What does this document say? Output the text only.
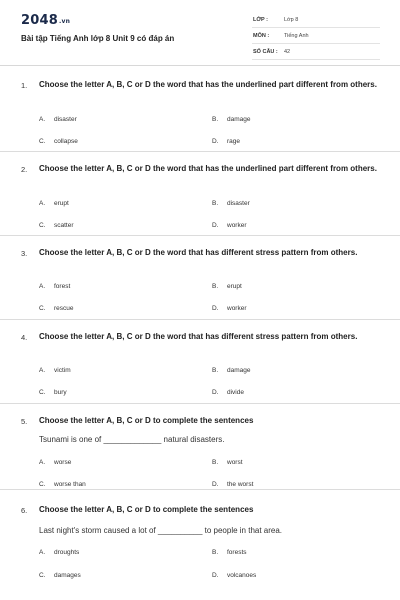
2048.vn
Bài tập Tiếng Anh lớp 8 Unit 9 có đáp án
LỚP :	Lớp 8
MÔN :	Tiếng Anh
SỐ CÂU : 42
1. Choose the letter A, B, C or D the word that has the underlined part different from others.
A. disaster	B. damage
C. collapse	D. rage
2. Choose the letter A, B, C or D the word that has the underlined part different from others.
A. erupt	B. disaster
C. scatter	D. worker
3. Choose the letter A, B, C or D the word that has different stress pattern from others.
A. forest	B. erupt
C. rescue	D. worker
4. Choose the letter A, B, C or D the word that has different stress pattern from others.
A. victim	B. damage
C. bury	D. divide
5. Choose the letter A, B, C or D to complete the sentences
Tsunami is one of _____________ natural disasters.
A. worse	B. worst
C. worse than	D. the worst
6. Choose the letter A, B, C or D to complete the sentences
Last night's storm caused a lot of __________ to people in that area.
A. droughts	B. forests
C. damages	D. volcanoes
